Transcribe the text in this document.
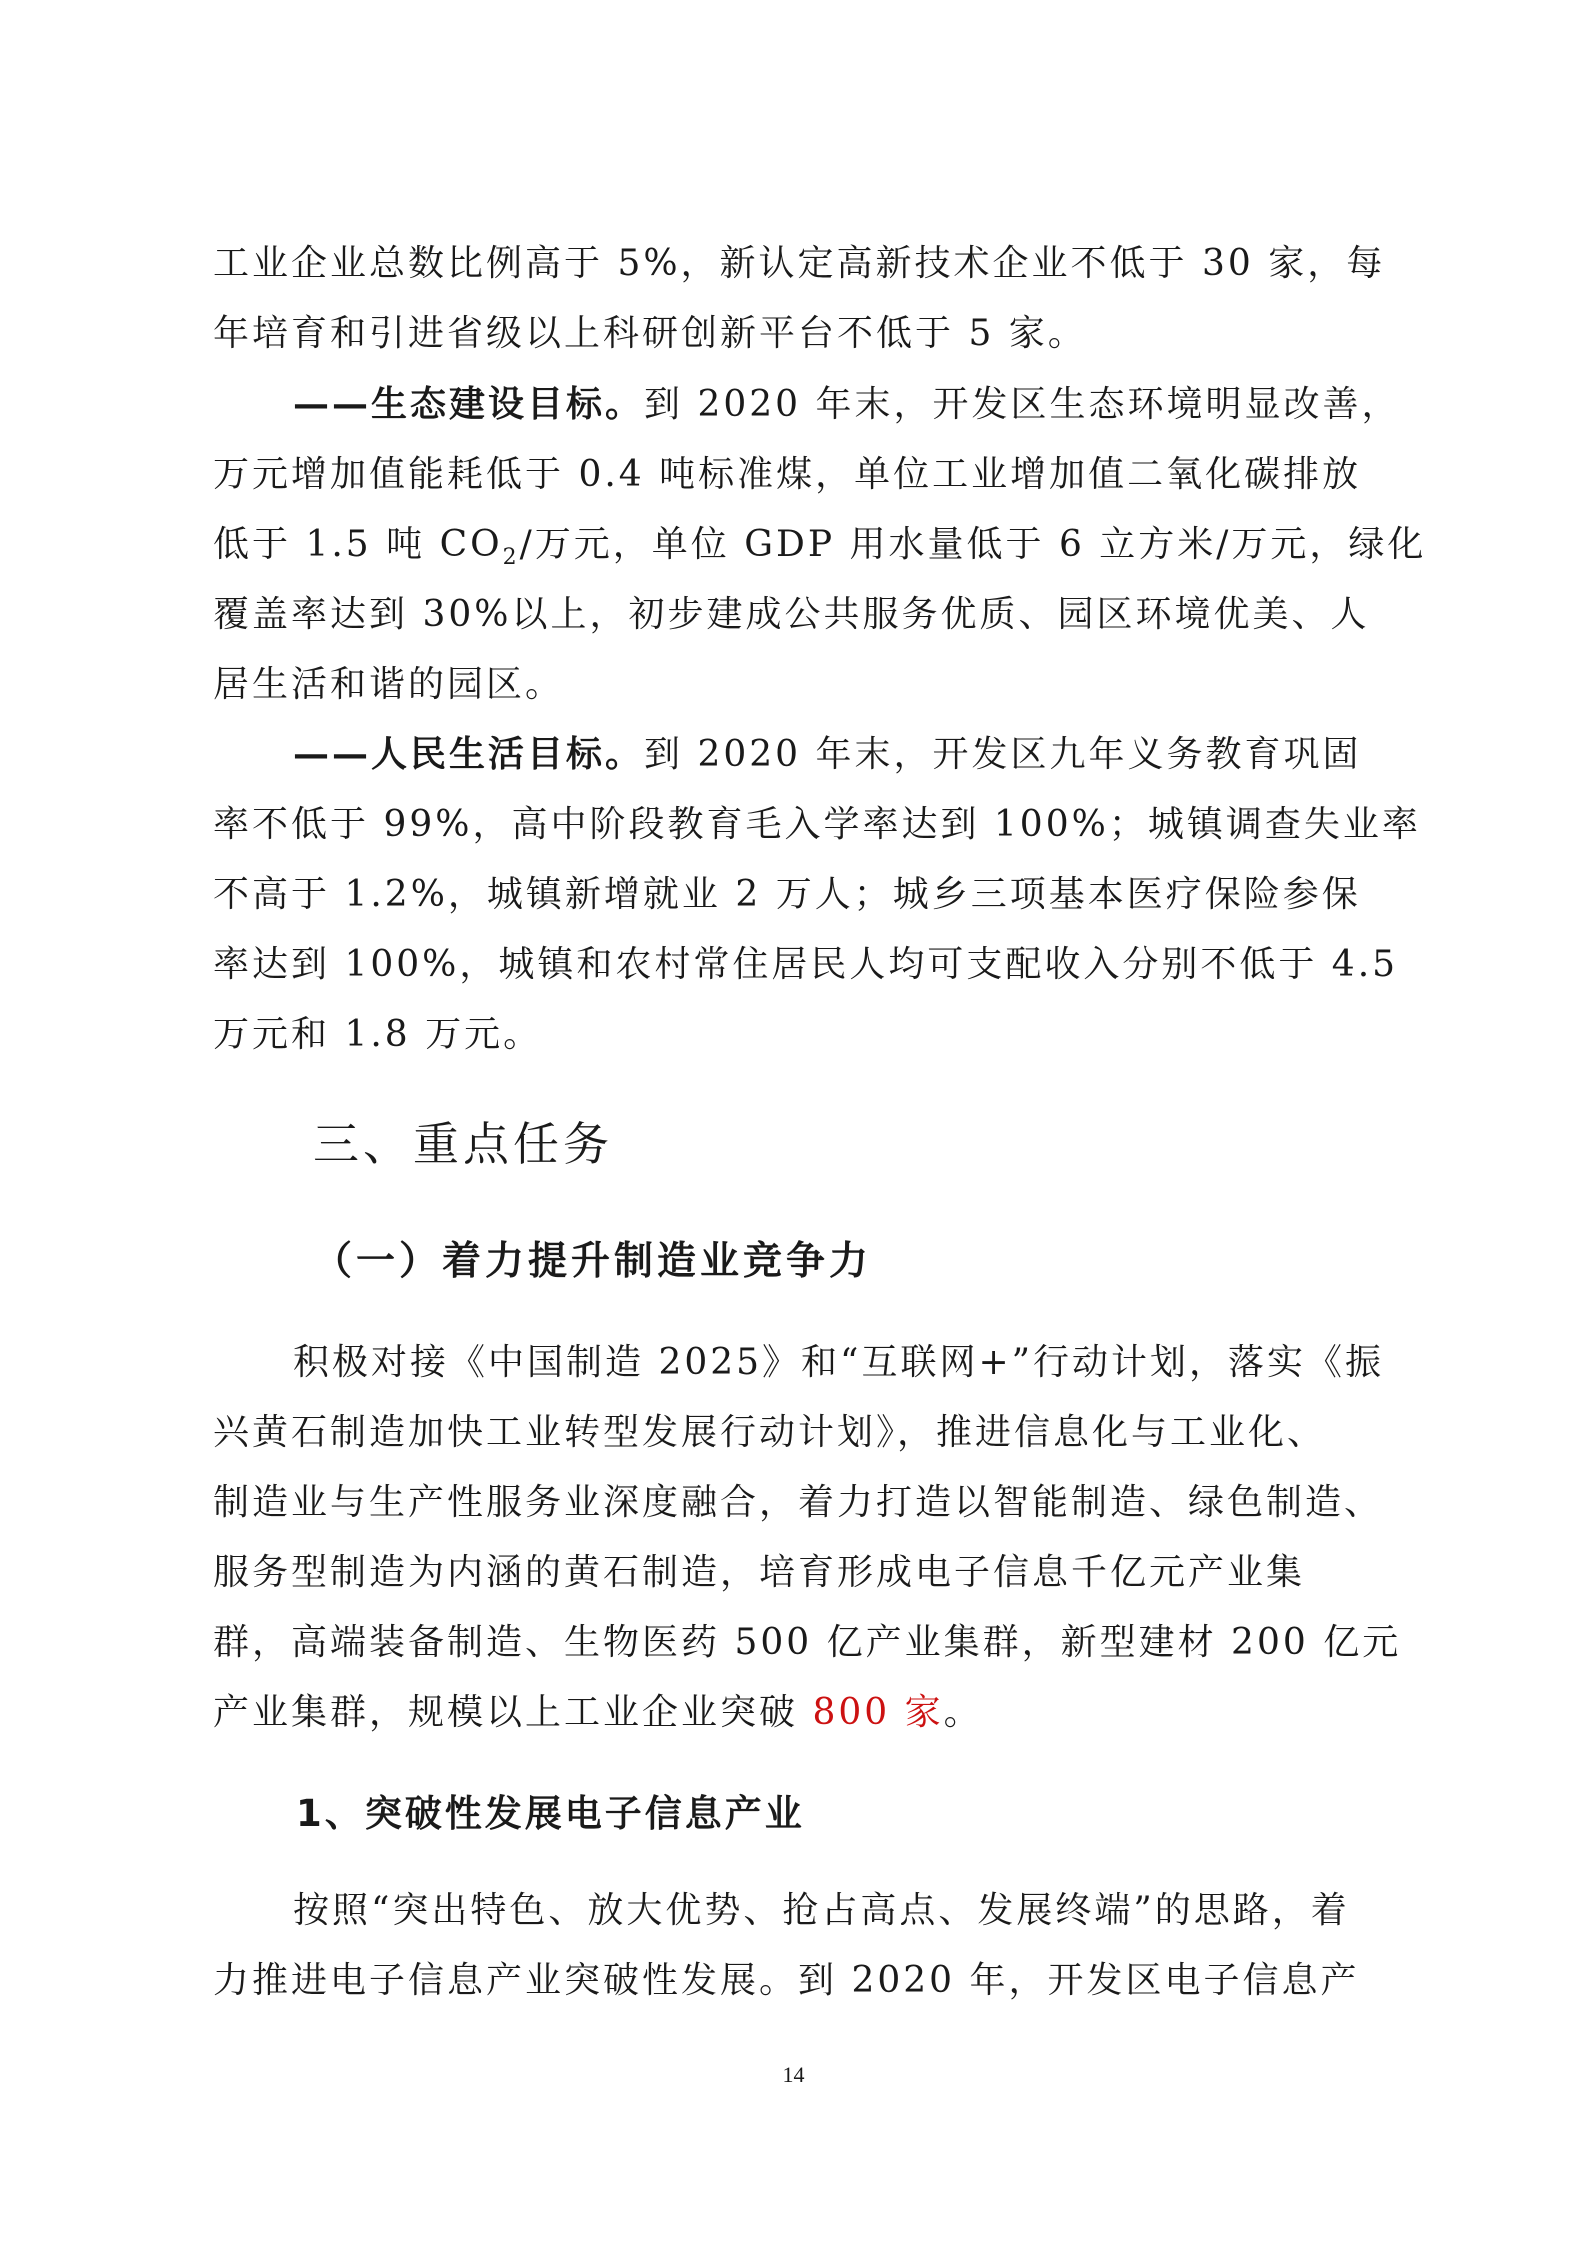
工业企业总数比例高于 5%，新认定高新技术企业不低于 30 家，每
年培育和引进省级以上科研创新平台不低于 5 家。
——生态建设目标。到 2020 年末，开发区生态环境明显改善，
万元增加值能耗低于 0.4 吨标准煤，单位工业增加值二氧化碳排放
低于 1.5 吨 $CO_2/$万元，单位 GDP 用水量低于 6 立方米/万元，绿化
覆盖率达到 30%以上，初步建成公共服务优质、园区环境优美、人
居生活和谐的园区。
——人民生活目标。到 2020 年末，开发区九年义务教育巩固
率不低于 99%，高中阶段教育毛入学率达到 100%；城镇调查失业率
不高于 1.2%，城镇新增就业 2 万人；城乡三项基本医疗保险参保
率达到 100%，城镇和农村常住居民人均可支配收入分别不低于 4.5
万元和 1.8 万元。
三、重点任务
（一）着力提升制造业竞争力
积极对接《中国制造 2025》和“互联网+”行动计划，落实《振
兴黄石制造加快工业转型发展行动计划》，推进信息化与工业化、
制造业与生产性服务业深度融合，着力打造以智能制造、绿色制造、
服务型制造为内涵的黄石制造，培育形成电子信息千亿元产业集
群，高端装备制造、生物医药 500 亿产业集群，新型建材 200 亿元
产业集群，规模以上工业企业突破 800 家。
1、突破性发展电子信息产业
按照“突出特色、放大优势、抢占高点、发展终端”的思路，着
力推进电子信息产业突破性发展。到 2020 年，开发区电子信息产
14
